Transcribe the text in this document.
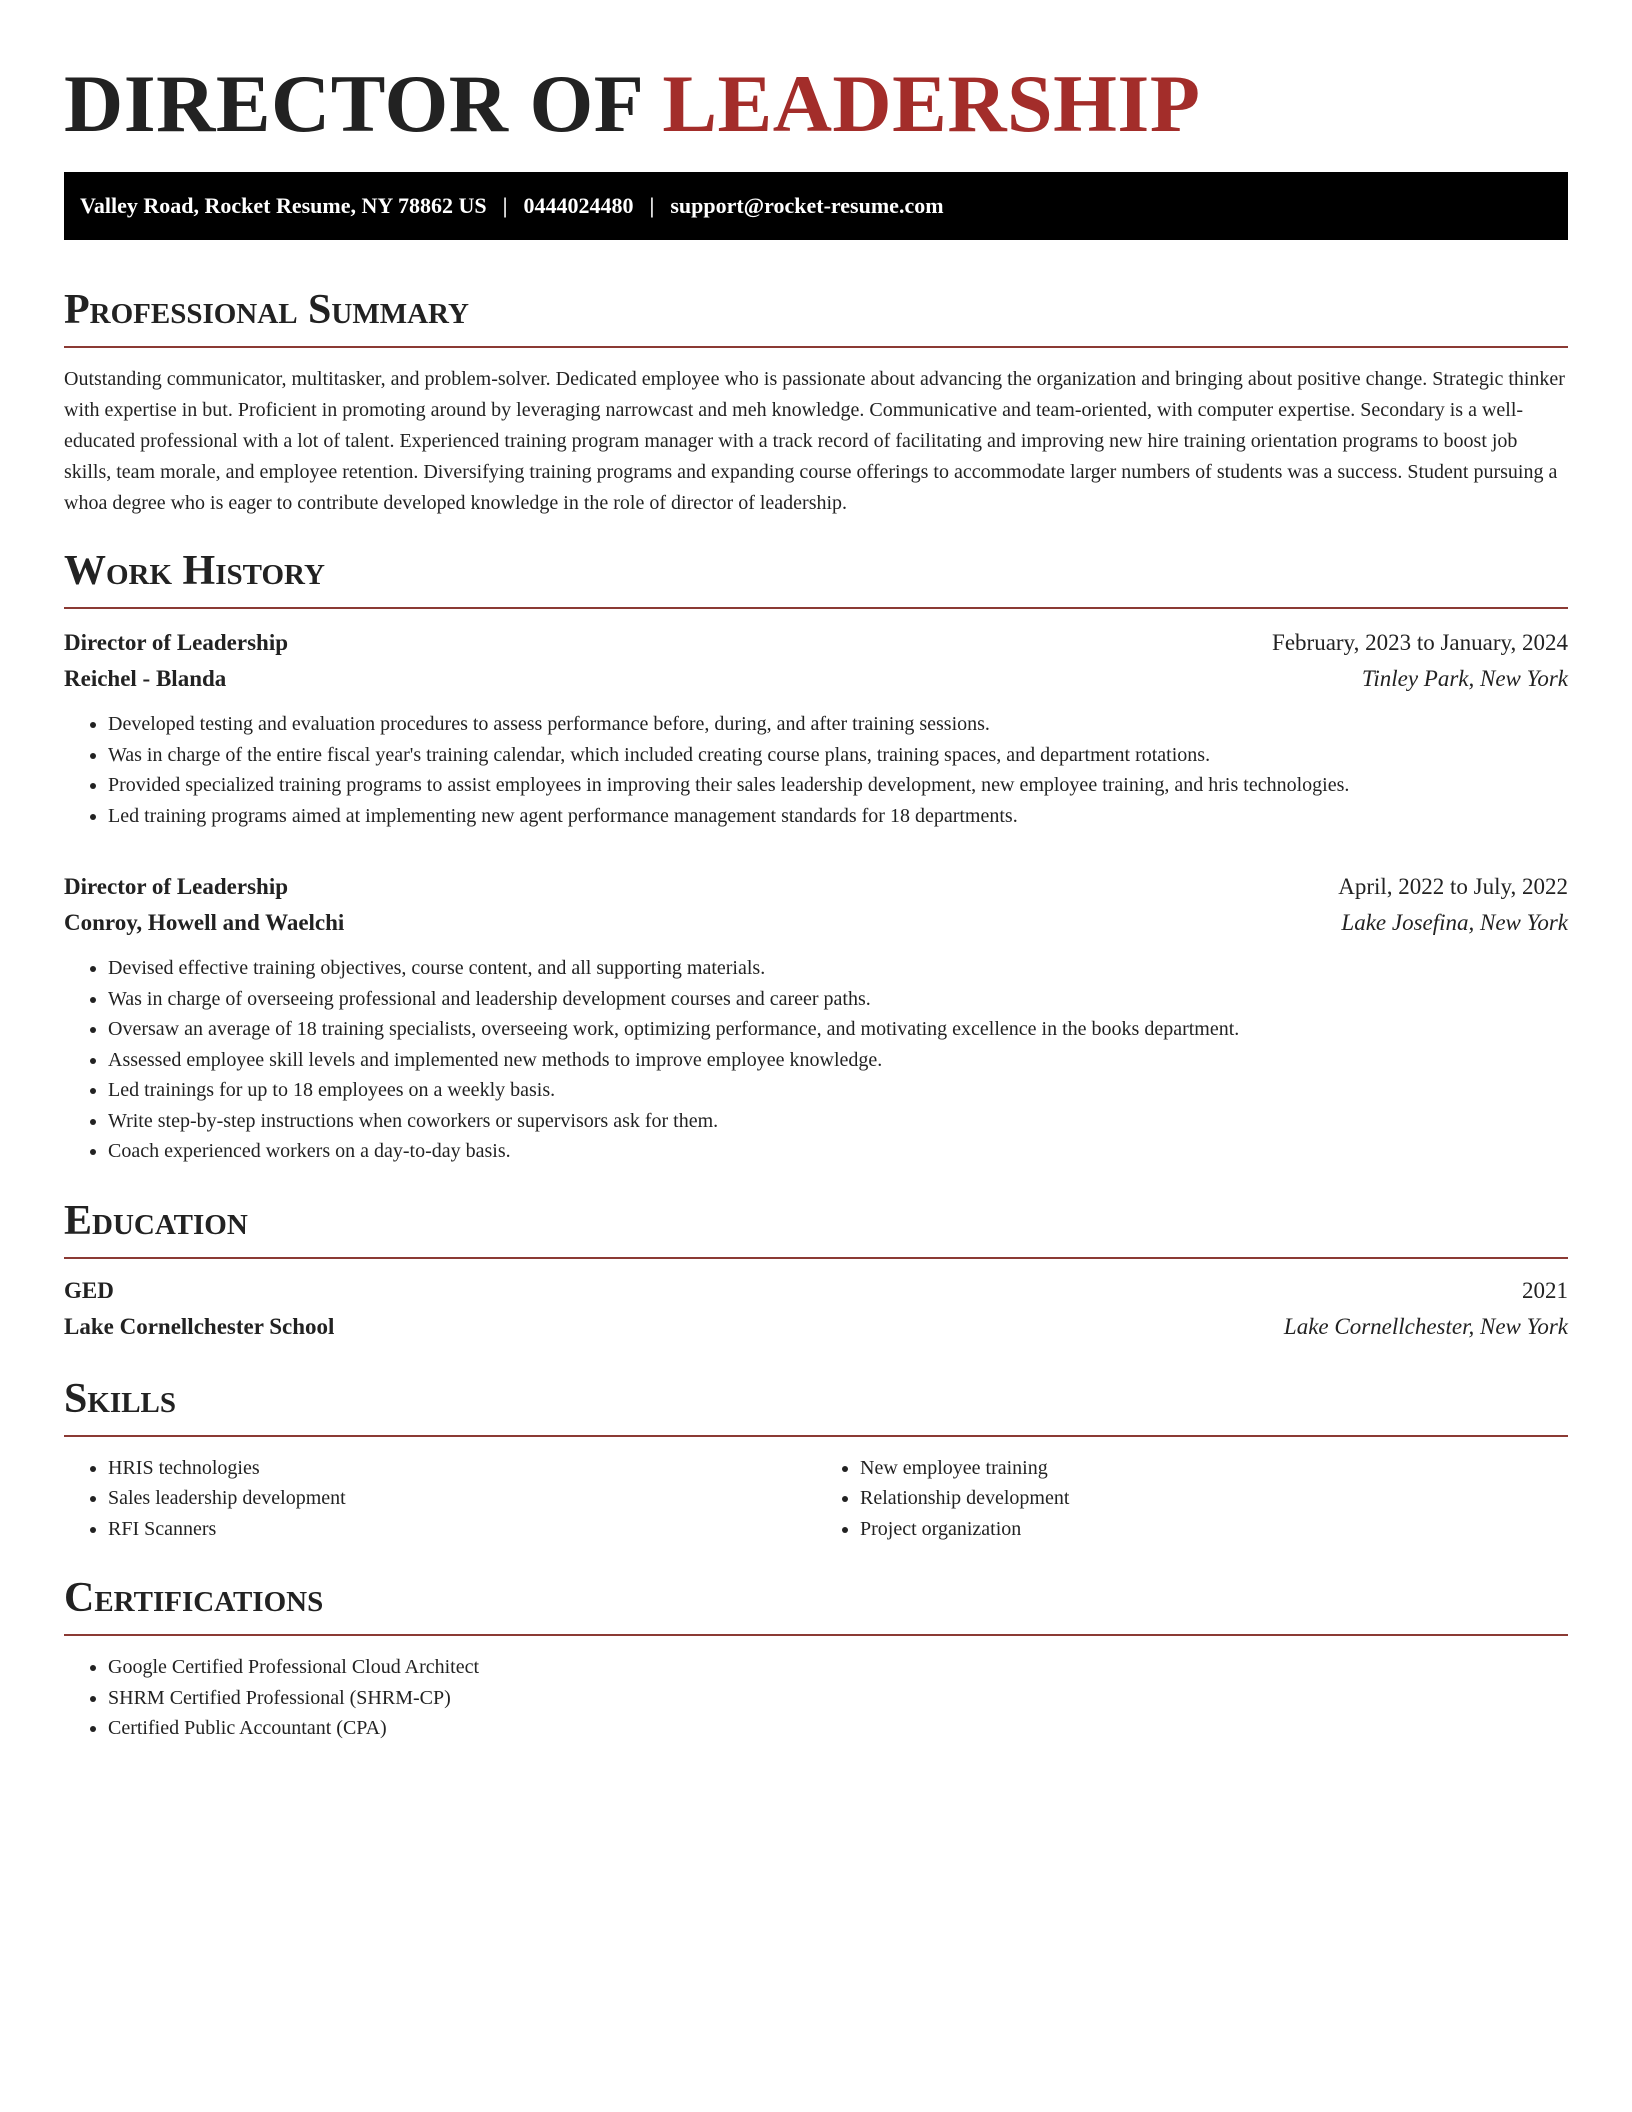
DIRECTOR OF LEADERSHIP
Valley Road, Rocket Resume, NY 78862 US | 0444024480 | support@rocket-resume.com
Professional Summary

Outstanding communicator, multitasker, and problem-solver. Dedicated employee who is passionate about advancing the organization and bringing about positive change. Strategic thinker with expertise in but. Proficient in promoting around by leveraging narrowcast and meh knowledge. Communicative and team-oriented, with computer expertise. Secondary is a well-educated professional with a lot of talent. Experienced training program manager with a track record of facilitating and improving new hire training orientation programs to boost job skills, team morale, and employee retention. Diversifying training programs and expanding course offerings to accommodate larger numbers of students was a success. Student pursuing a whoa degree who is eager to contribute developed knowledge in the role of director of leadership.

Work History
Director of Leadership	February, 2023 to January, 2024
Reichel - Blanda	Tinley Park, New York
• Developed testing and evaluation procedures to assess performance before, during, and after training sessions.
• Was in charge of the entire fiscal year's training calendar, which included creating course plans, training spaces, and department rotations.
• Provided specialized training programs to assist employees in improving their sales leadership development, new employee training, and hris technologies.
• Led training programs aimed at implementing new agent performance management standards for 18 departments.
Director of Leadership	April, 2022 to July, 2022
Conroy, Howell and Waelchi	Lake Josefina, New York
• Devised effective training objectives, course content, and all supporting materials.
• Was in charge of overseeing professional and leadership development courses and career paths.
• Oversaw an average of 18 training specialists, overseeing work, optimizing performance, and motivating excellence in the books department.
• Assessed employee skill levels and implemented new methods to improve employee knowledge.
• Led trainings for up to 18 employees on a weekly basis.
• Write step-by-step instructions when coworkers or supervisors ask for them.
• Coach experienced workers on a day-to-day basis.
Education
GED	2021
Lake Cornellchester School	Lake Cornellchester, New York
Skills
• HRIS technologies
• Sales leadership development
• RFI Scanners
• New employee training
• Relationship development
• Project organization
Certifications
• Google Certified Professional Cloud Architect
• SHRM Certified Professional (SHRM-CP)
• Certified Public Accountant (CPA)
